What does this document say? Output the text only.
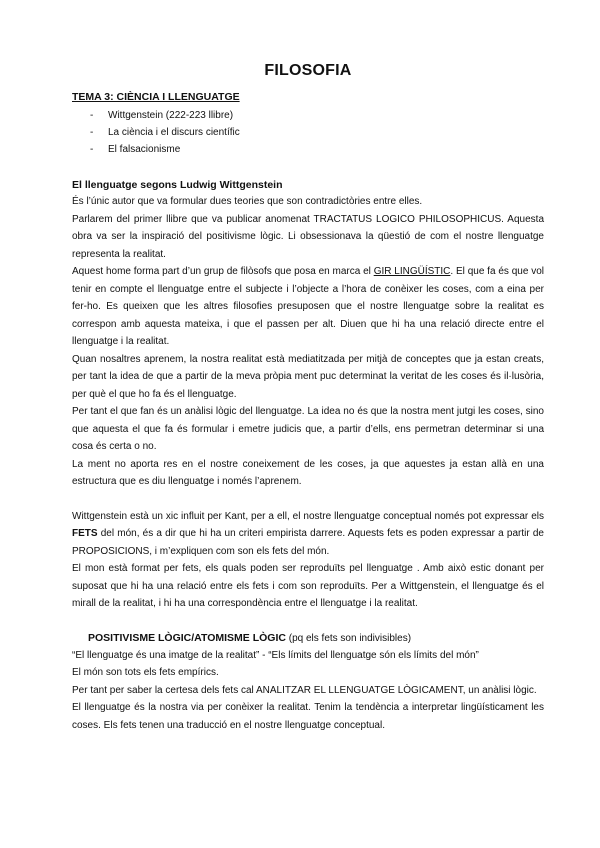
FILOSOFIA

TEMA 3: CIÈNCIA I LLENGUATGE

- Wittgenstein (222-223 llibre)
- La ciència i el discurs científic
- El falsacionisme

El llenguatge segons Ludwig Wittgenstein

És l’únic autor que va formular dues teories que son contradictòries entre elles.

Parlarem del primer llibre que va publicar anomenat TRACTATUS LOGICO PHILOSOPHICUS. Aquesta obra va ser la inspiració del positivisme lògic. Li obsessionava la qüestió de com el nostre llenguatge representa la realitat.

Aquest home forma part d’un grup de filòsofs que posa en marca el GIR LINGÜÍSTIC. El que fa és que vol tenir en compte el llenguatge entre el subjecte i l’objecte a l’hora de conèixer les coses, com a eina per fer-ho. Es queixen que les altres filosofies presuposen que el nostre llenguatge sobre la realitat es correspon amb aquesta mateixa, i que el passen per alt. Diuen que hi ha una relació directe entre el llenguatge i la realitat.

Quan nosaltres aprenem, la nostra realitat està mediatitzada per mitjà de conceptes que ja estan creats, per tant la idea de que a partir de la meva pròpia ment puc determinat la veritat de les coses és il·lusòria, per què el que ho fa és el llenguatge.

Per tant el que fan és un anàlisi lògic del llenguatge. La idea no és que la nostra ment jutgi les coses, sino que aquesta el que fa és formular i emetre judicis que, a partir d’ells, ens permetran determinar si una cosa és certa o no.

La ment no aporta res en el nostre coneixement de les coses, ja que aquestes ja estan allà en una estructura que es diu llenguatge i només l’aprenem.

Wittgenstein està un xic influit per Kant, per a ell, el nostre llenguatge conceptual només pot expressar els FETS del món, és a dir que hi ha un criteri empirista darrere. Aquests fets es poden expressar a partir de PROPOSICIONS, i m’expliquen com son els fets del món.

El mon està format per fets, els quals poden ser reproduïts pel llenguatge . Amb això estic donant per suposat que hi ha una relació entre els fets i com son reproduïts. Per a Wittgenstein, el llenguatge és el mirall de la realitat, i hi ha una correspondència entre el llenguatge i la realitat.

POSITIVISME LÒGIC/ATOMISME LÒGIC (pq els fets son indivisibles)

“El llenguatge és una imatge de la realitat” - “Els límits del llenguatge són els límits del món”

El món son tots els fets empírics.

Per tant per saber la certesa dels fets cal ANALITZAR EL LLENGUATGE LÒGICAMENT, un anàlisi lògic.

El llenguatge és la nostra via per conèixer la realitat. Tenim la tendència a interpretar lingüísticament les coses. Els fets tenen una traducció en el nostre llenguatge conceptual.
